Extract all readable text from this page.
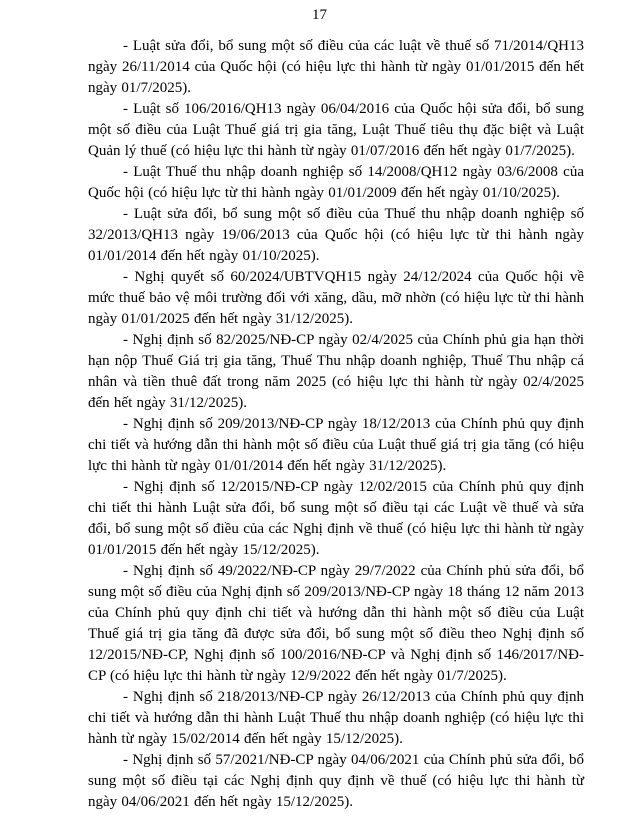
17

- Luật sửa đổi, bổ sung một số điều của các luật về thuế số 71/2014/QH13 ngày 26/11/2014 của Quốc hội (có hiệu lực thi hành từ ngày 01/01/2015 đến hết ngày 01/7/2025).

- Luật số 106/2016/QH13 ngày 06/04/2016 của Quốc hội sửa đổi, bổ sung một số điều của Luật Thuế giá trị gia tăng, Luật Thuế tiêu thụ đặc biệt và Luật Quản lý thuế (có hiệu lực thi hành từ ngày 01/07/2016 đến hết ngày 01/7/2025).

- Luật Thuế thu nhập doanh nghiệp số 14/2008/QH12 ngày 03/6/2008 của Quốc hội (có hiệu lực từ thi hành ngày 01/01/2009 đến hết ngày 01/10/2025).

- Luật sửa đổi, bổ sung một số điều của Thuế thu nhập doanh nghiệp số 32/2013/QH13 ngày 19/06/2013 của Quốc hội (có hiệu lực từ thi hành ngày 01/01/2014 đến hết ngày 01/10/2025).

- Nghị quyết số 60/2024/UBTVQH15 ngày 24/12/2024 của Quốc hội về mức thuế bảo vệ môi trường đối với xăng, dầu, mỡ nhờn (có hiệu lực từ thi hành ngày 01/01/2025 đến hết ngày 31/12/2025).

- Nghị định số 82/2025/NĐ-CP ngày 02/4/2025 của Chính phủ gia hạn thời hạn nộp Thuế Giá trị gia tăng, Thuế Thu nhập doanh nghiệp, Thuế Thu nhập cá nhân và tiền thuê đất trong năm 2025 (có hiệu lực thi hành từ ngày 02/4/2025 đến hết ngày 31/12/2025).

- Nghị định số 209/2013/NĐ-CP ngày 18/12/2013 của Chính phủ quy định chi tiết và hướng dẫn thi hành một số điều của Luật thuế giá trị gia tăng (có hiệu lực thi hành từ ngày 01/01/2014 đến hết ngày 31/12/2025).

- Nghị định số 12/2015/NĐ-CP ngày 12/02/2015 của Chính phủ quy định chi tiết thi hành Luật sửa đổi, bổ sung một số điều tại các Luật về thuế và sửa đổi, bổ sung một số điều của các Nghị định về thuế (có hiệu lực thi hành từ ngày 01/01/2015 đến hết ngày 15/12/2025).

- Nghị định số 49/2022/NĐ-CP ngày 29/7/2022 của Chính phủ sửa đổi, bổ sung một số điều của Nghị định số 209/2013/NĐ-CP ngày 18 tháng 12 năm 2013 của Chính phủ quy định chi tiết và hướng dẫn thi hành một số điều của Luật Thuế giá trị gia tăng đã được sửa đổi, bổ sung một số điều theo Nghị định số 12/2015/NĐ-CP, Nghị định số 100/2016/NĐ-CP và Nghị định số 146/2017/NĐ-CP (có hiệu lực thi hành từ ngày 12/9/2022 đến hết ngày 01/7/2025).

- Nghị định số 218/2013/NĐ-CP ngày 26/12/2013 của Chính phủ quy định chi tiết và hướng dẫn thi hành Luật Thuế thu nhập doanh nghiệp (có hiệu lực thi hành từ ngày 15/02/2014 đến hết ngày 15/12/2025).

- Nghị định số 57/2021/NĐ-CP ngày 04/06/2021 của Chính phủ sửa đổi, bổ sung một số điều tại các Nghị định quy định về thuế (có hiệu lực thi hành từ ngày 04/06/2021 đến hết ngày 15/12/2025).
